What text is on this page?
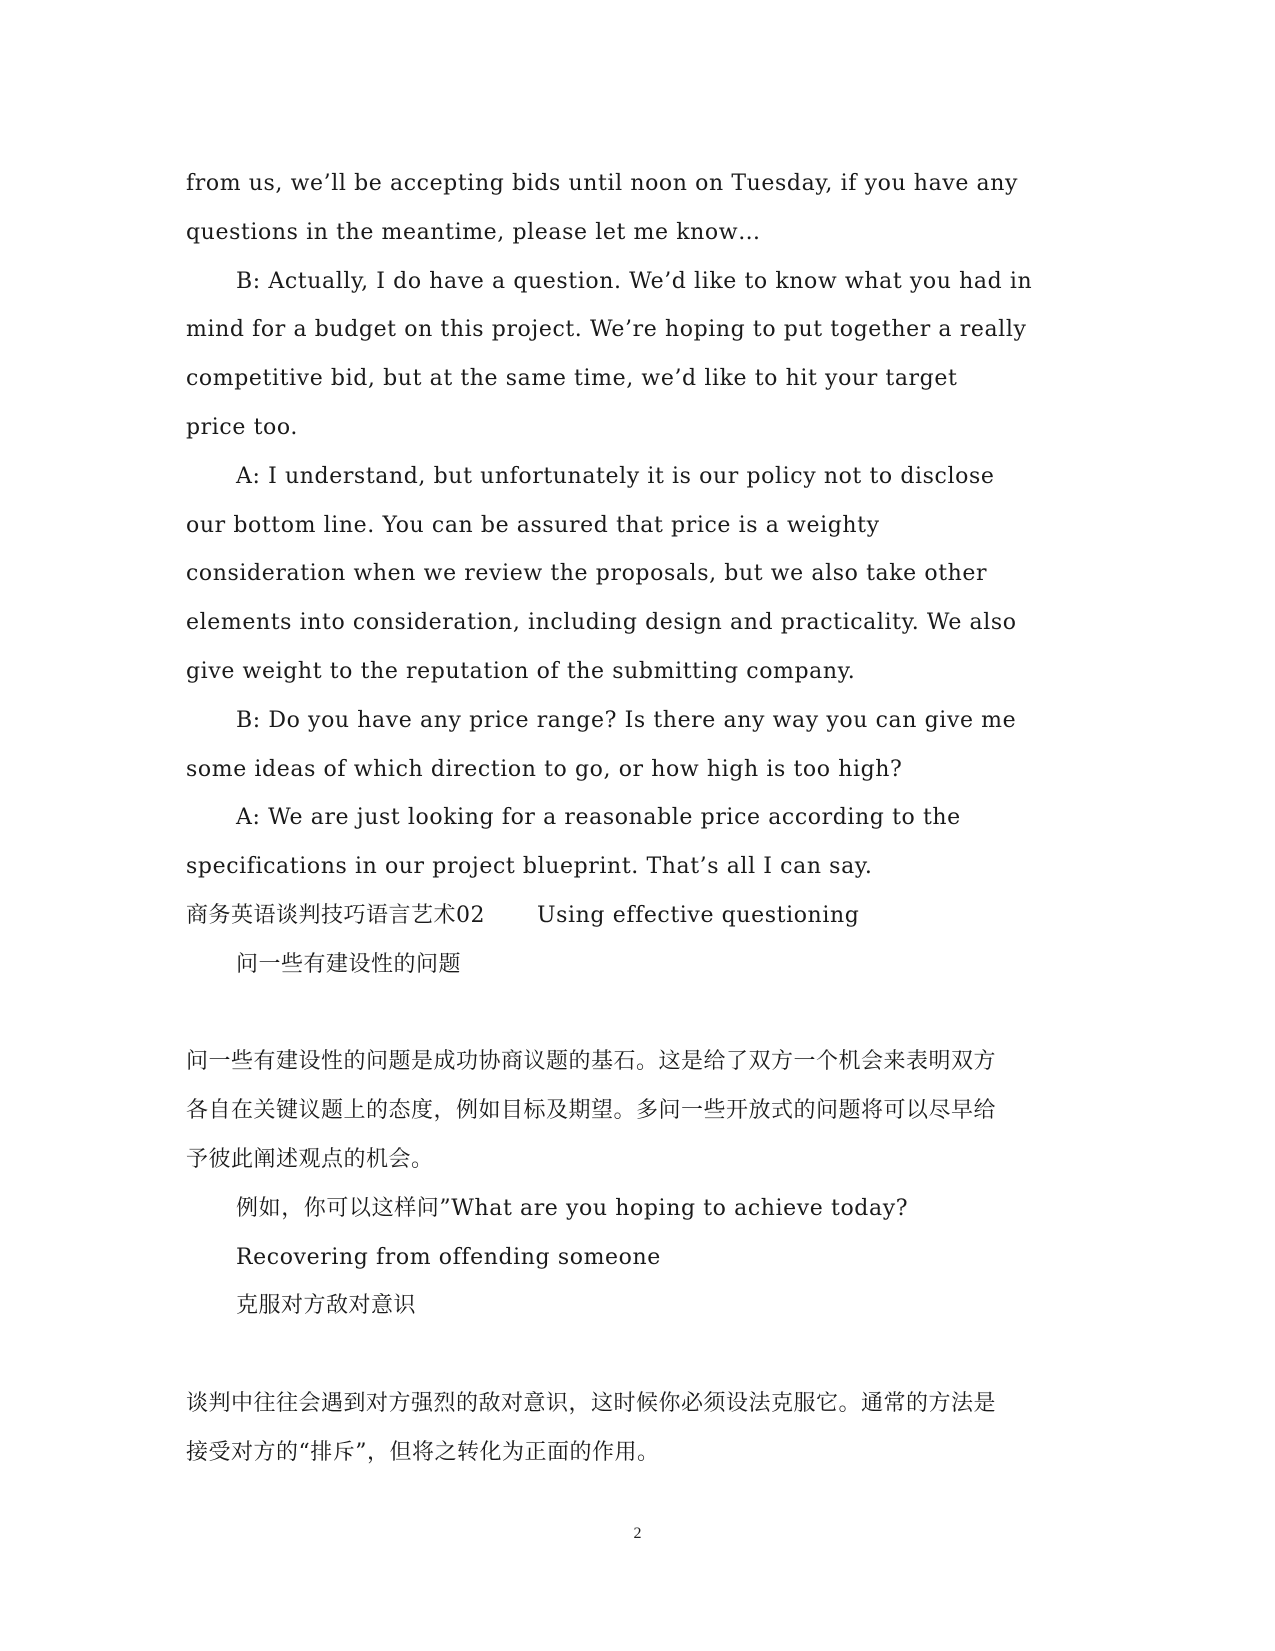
from us, we’ll be accepting bids until noon on Tuesday, if you have any

questions in the meantime, please let me know…

B: Actually, I do have a question. We’d like to know what you had in

mind for a budget on this project. We’re hoping to put together a really

competitive bid, but at the same time, we’d like to hit your target

price too.

A: I understand, but unfortunately it is our policy not to disclose

our bottom line. You can be assured that price is a weighty

consideration when we review the proposals, but we also take other

elements into consideration, including design and practicality. We also

give weight to the reputation of the submitting company.

B: Do you have any price range? Is there any way you can give me

some ideas of which direction to go, or how high is too high?

A: We are just looking for a reasonable price according to the

specifications in our project blueprint. That’s all I can say.

商务英语谈判技巧语言艺术02 Using effective questioning

问一些有建设性的问题

问一些有建设性的问题是成功协商议题的基石。这是给了双方一个机会来表明双方

各自在关键议题上的态度，例如目标及期望。多问一些开放式的问题将可以尽早给

予彼此阐述观点的机会。

例如，你可以这样问”What are you hoping to achieve today?

Recovering from offending someone

克服对方敌对意识

谈判中往往会遇到对方强烈的敌对意识，这时候你必须设法克服它。通常的方法是

接受对方的“排斥”，但将之转化为正面的作用。

2
